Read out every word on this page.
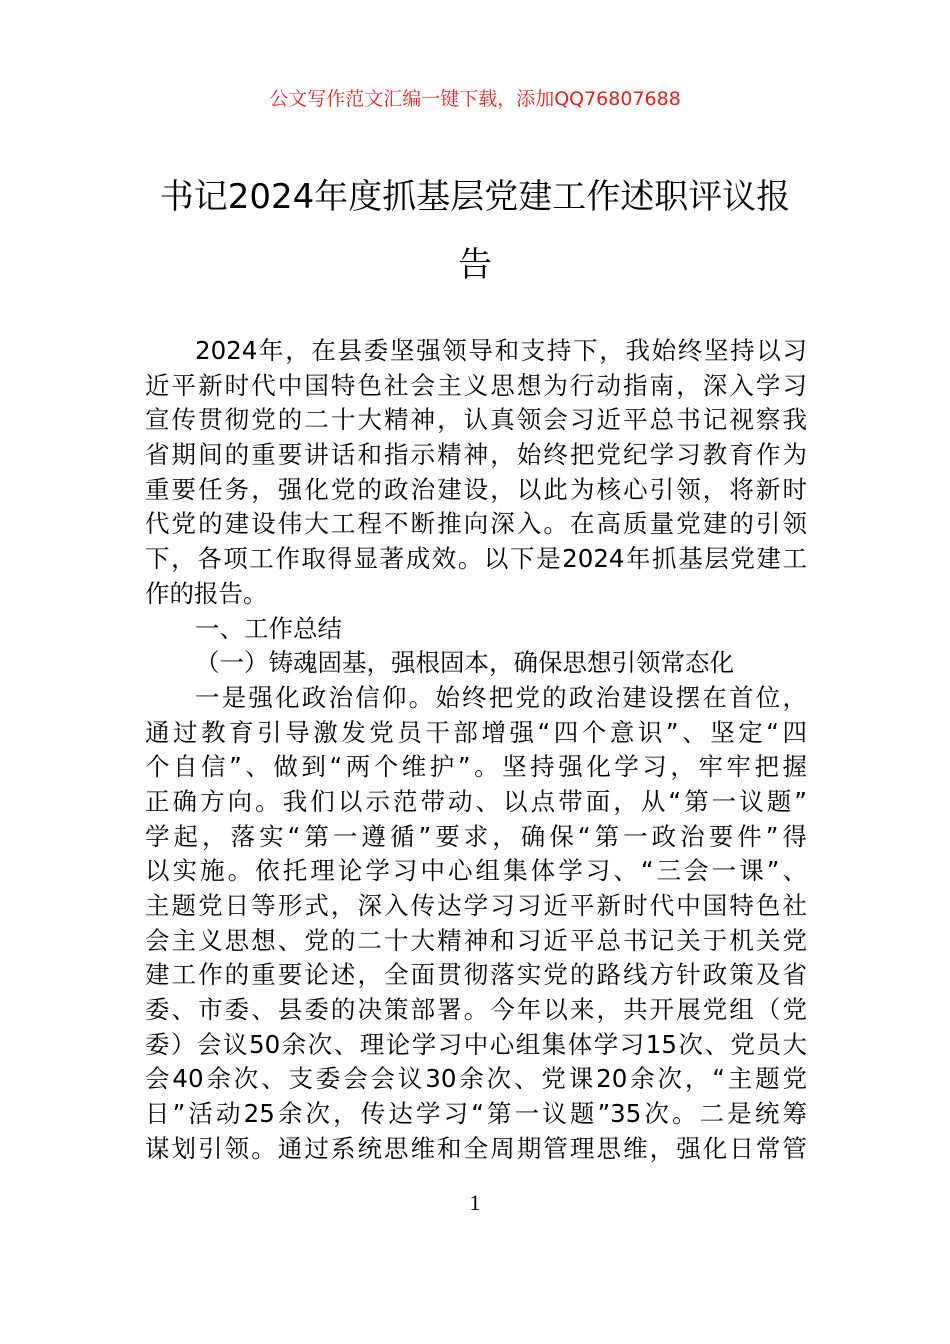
公文写作范文汇编一键下载，添加QQ76807688
书记2024年度抓基层党建工作述职评议报
告
2024年，在县委坚强领导和支持下，我始终坚持以习
近平新时代中国特色社会主义思想为行动指南，深入学习
宣传贯彻党的二十大精神，认真领会习近平总书记视察我
省期间的重要讲话和指示精神，始终把党纪学习教育作为
重要任务，强化党的政治建设，以此为核心引领，将新时
代党的建设伟大工程不断推向深入。在高质量党建的引领
下，各项工作取得显著成效。以下是2024年抓基层党建工
作的报告。
一、工作总结
（一）铸魂固基，强根固本，确保思想引领常态化
一是强化政治信仰。始终把党的政治建设摆在首位，
通过教育引导激发党员干部增强“四个意识”、坚定“四
个自信”、做到“两个维护”。坚持强化学习，牢牢把握
正确方向。我们以示范带动、以点带面，从“第一议题”
学起，落实“第一遵循”要求，确保“第一政治要件”得
以实施。依托理论学习中心组集体学习、“三会一课”、
主题党日等形式，深入传达学习习近平新时代中国特色社
会主义思想、党的二十大精神和习近平总书记关于机关党
建工作的重要论述，全面贯彻落实党的路线方针政策及省
委、市委、县委的决策部署。今年以来，共开展党组（党
委）会议50余次、理论学习中心组集体学习15次、党员大
会40余次、支委会会议30余次、党课20余次，“主题党
日”活动25余次，传达学习“第一议题”35次。二是统筹
谋划引领。通过系统思维和全周期管理思维，强化日常管
1
